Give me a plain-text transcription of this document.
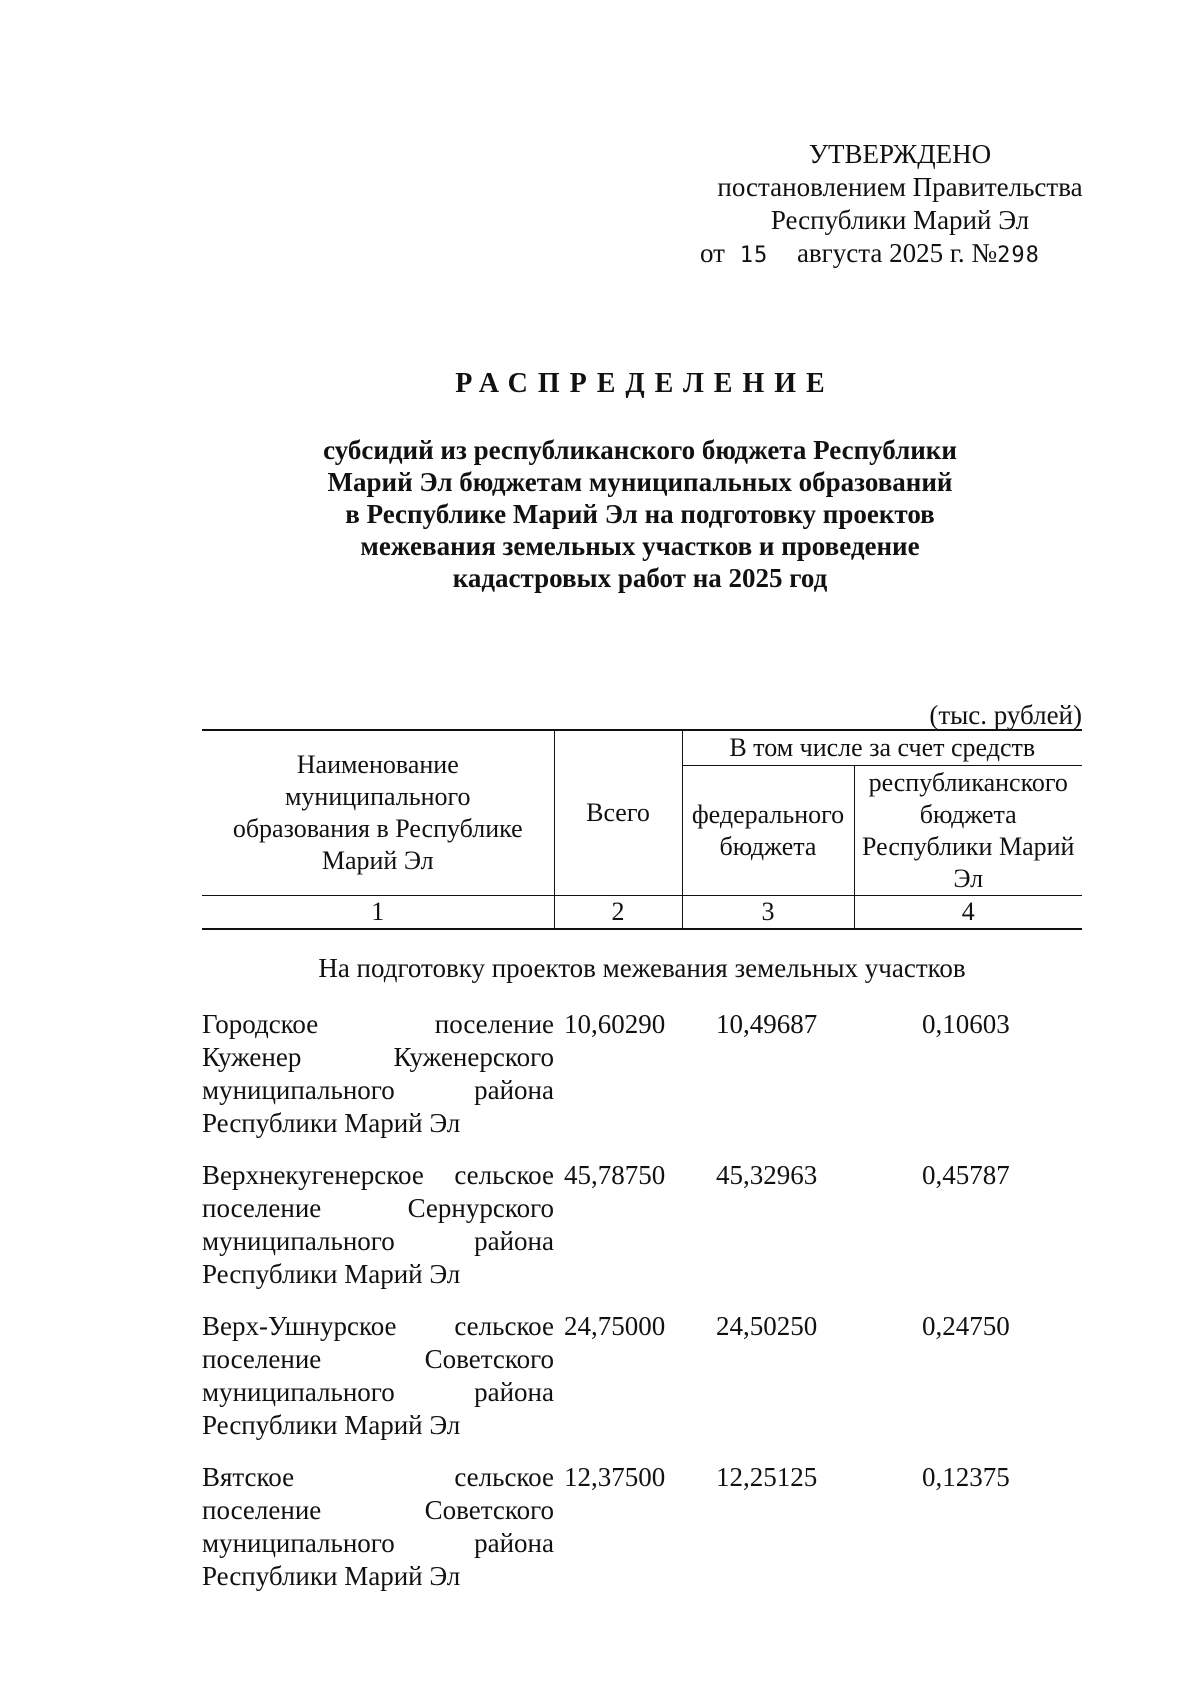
УТВЕРЖДЕНО
постановлением Правительства
Республики Марий Эл
от 15 августа 2025 г. №298
РАСПРЕДЕЛЕНИЕ
субсидий из республиканского бюджета Республики
Марий Эл бюджетам муниципальных образований
в Республике Марий Эл на подготовку проектов
межевания земельных участков и проведение
кадастровых работ на 2025 год
(тыс. рублей)
Наименование муниципального образования в Республике Марий Эл	Всего	В том числе за счет средств	
		федерального бюджета	республиканского бюджета Республики Марий Эл
1	2	3	4
На подготовку проектов межевания земельных участков
Городское поселение
Куженер Куженерского
муниципального района
Республики Марий Эл
10,60290	10,49687	0,10603
Верхнекугенерское сельское
поселение Сернурского
муниципального района
Республики Марий Эл
45,78750	45,32963	0,45787
Верх-Ушнурское сельское
поселение Советского
муниципального района
Республики Марий Эл
24,75000	24,50250	0,24750
Вятское сельское
поселение Советского
муниципального района
Республики Марий Эл
12,37500	12,25125	0,12375
